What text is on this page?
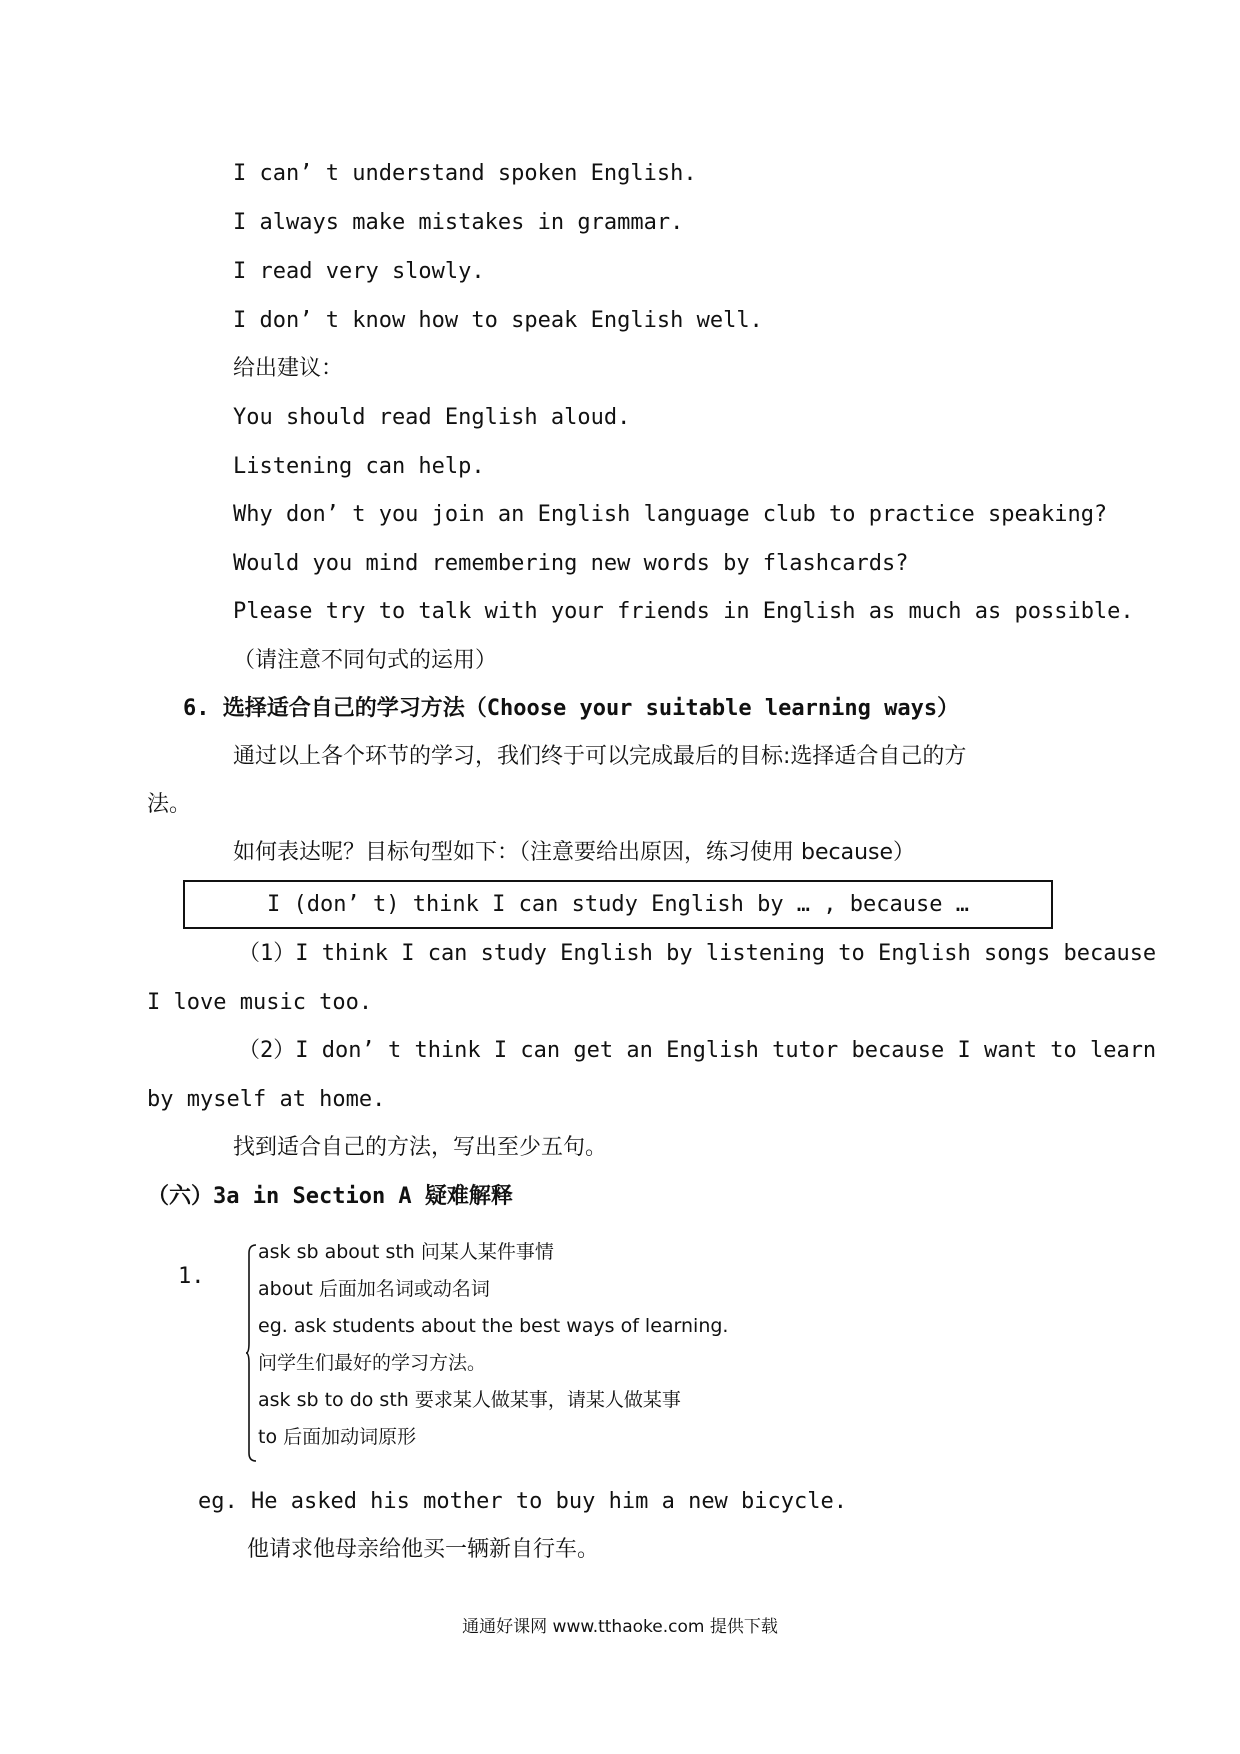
I can’ t understand spoken English.
I always make mistakes in grammar.
I read very slowly.
I don’ t know how to speak English well.
给出建议：
You should read English aloud.
Listening can help.
Why don’ t you join an English language club to practice speaking?
Would you mind remembering new words by flashcards?
Please try to talk with your friends in English as much as possible.
（请注意不同句式的运用）
6. 选择适合自己的学习方法（Choose your suitable learning ways）
通过以上各个环节的学习，我们终于可以完成最后的目标:选择适合自己的方
法。
如何表达呢？目标句型如下：（注意要给出原因，练习使用 because）
I (don’ t) think I can study English by … , because …
（1）I think I can study English by listening to English songs because
I love music too.
（2）I don’ t think I can get an English tutor because I want to learn
by myself at home.
找到适合自己的方法，写出至少五句。
（六）3a in Section A 疑难解释
1.
ask sb about sth 问某人某件事情
about 后面加名词或动名词
eg. ask students about the best ways of learning.
问学生们最好的学习方法。
ask sb to do sth 要求某人做某事，请某人做某事
to 后面加动词原形
eg. He asked his mother to buy him a new bicycle.
他请求他母亲给他买一辆新自行车。
通通好课网 www.tthaoke.com 提供下载
